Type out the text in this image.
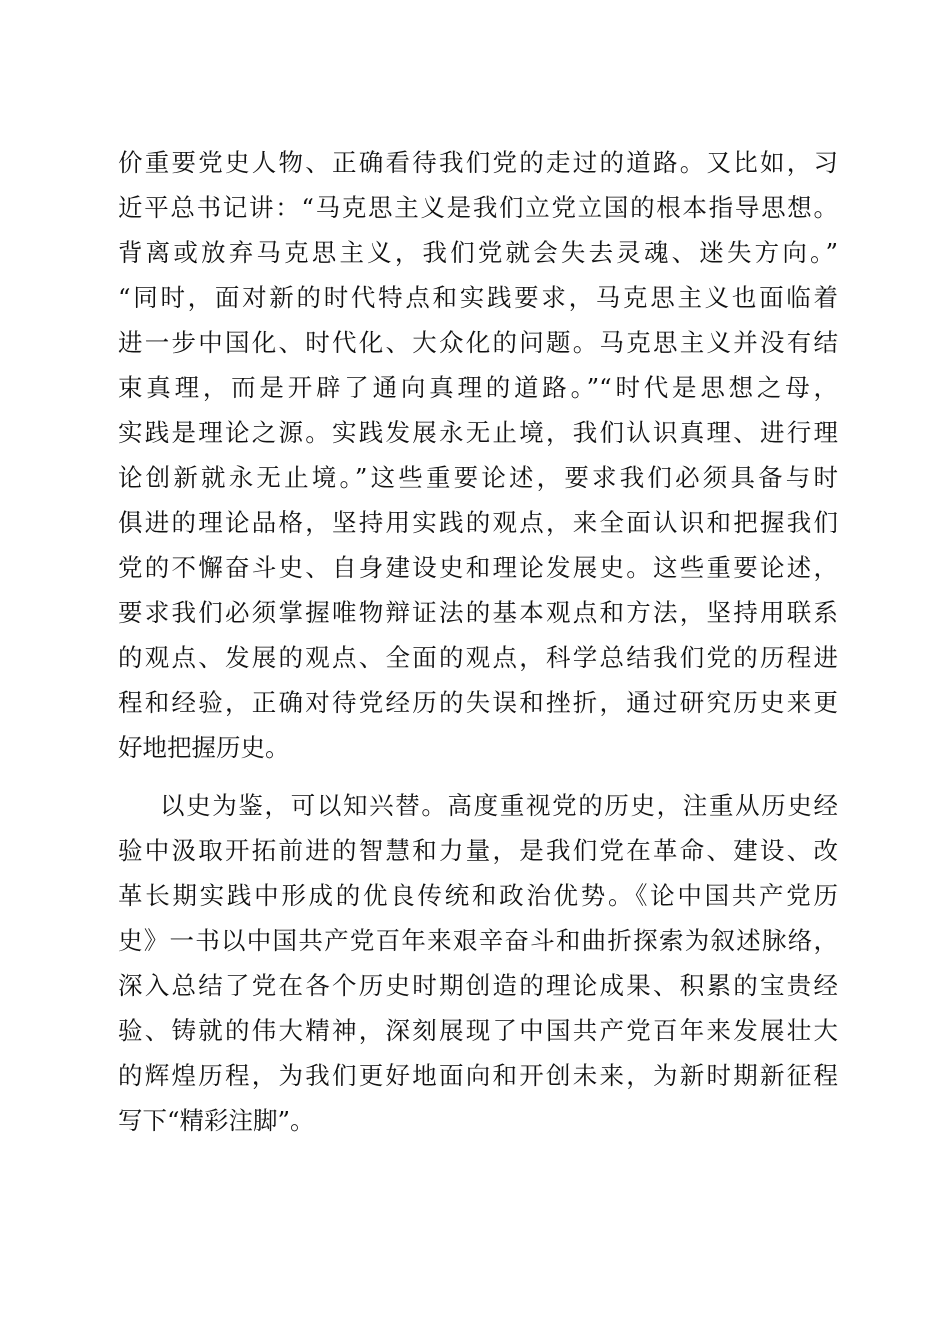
价重要党史人物、正确看待我们党的走过的道路。又比如，习
近平总书记讲：“马克思主义是我们立党立国的根本指导思想。
背离或放弃马克思主义，我们党就会失去灵魂、迷失方向。”
“同时，面对新的时代特点和实践要求，马克思主义也面临着
进一步中国化、时代化、大众化的问题。马克思主义并没有结
束真理，而是开辟了通向真理的道路。”“时代是思想之母，
实践是理论之源。实践发展永无止境，我们认识真理、进行理
论创新就永无止境。”这些重要论述，要求我们必须具备与时
俱进的理论品格，坚持用实践的观点，来全面认识和把握我们
党的不懈奋斗史、自身建设史和理论发展史。这些重要论述，
要求我们必须掌握唯物辩证法的基本观点和方法，坚持用联系
的观点、发展的观点、全面的观点，科学总结我们党的历程进
程和经验，正确对待党经历的失误和挫折，通过研究历史来更
好地把握历史。
以史为鉴，可以知兴替。高度重视党的历史，注重从历史经
验中汲取开拓前进的智慧和力量，是我们党在革命、建设、改
革长期实践中形成的优良传统和政治优势。《论中国共产党历
史》一书以中国共产党百年来艰辛奋斗和曲折探索为叙述脉络，
深入总结了党在各个历史时期创造的理论成果、积累的宝贵经
验、铸就的伟大精神，深刻展现了中国共产党百年来发展壮大
的辉煌历程，为我们更好地面向和开创未来，为新时期新征程
写下“精彩注脚”。
